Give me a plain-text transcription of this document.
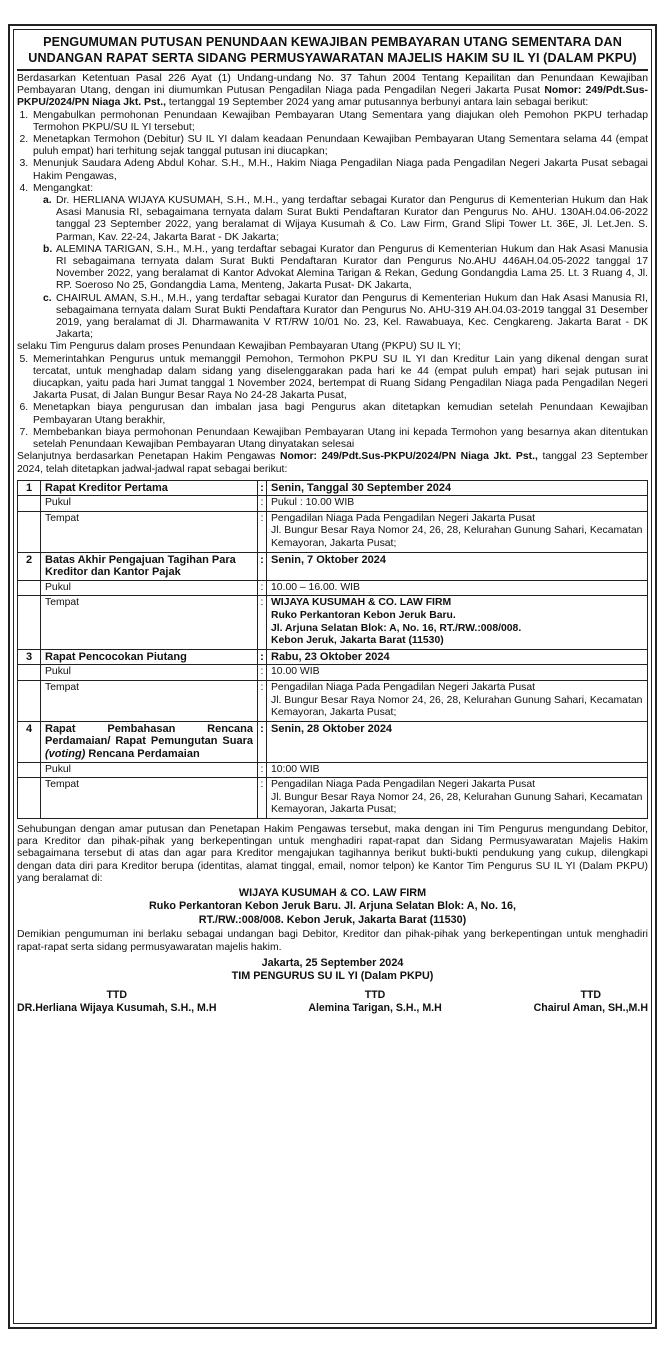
PENGUMUMAN PUTUSAN PENUNDAAN KEWAJIBAN PEMBAYARAN UTANG SEMENTARA DAN
UNDANGAN RAPAT SERTA SIDANG PERMUSYAWARATAN MAJELIS HAKIM SU IL YI (DALAM PKPU)

Berdasarkan Ketentuan Pasal 226 Ayat (1) Undang-undang No. 37 Tahun 2004 Tentang Kepailitan dan Penundaan Kewajiban Pembayaran Utang, dengan ini diumumkan Putusan Pengadilan Niaga pada Pengadilan Negeri Jakarta Pusat Nomor: 249/Pdt.Sus-PKPU/2024/PN Niaga Jkt. Pst., tertanggal 19 September 2024 yang amar putusannya berbunyi antara lain sebagai berikut:

1. Mengabulkan permohonan Penundaan Kewajiban Pembayaran Utang Sementara yang diajukan oleh Pemohon PKPU terhadap Termohon PKPU/SU IL YI tersebut;
2. Menetapkan Termohon (Debitur) SU IL YI dalam keadaan Penundaan Kewajiban Pembayaran Utang Sementara selama 44 (empat puluh empat) hari terhitung sejak tanggal putusan ini diucapkan;
3. Menunjuk Saudara Adeng Abdul Kohar. S.H., M.H., Hakim Niaga Pengadilan Niaga pada Pengadilan Negeri Jakarta Pusat sebagai Hakim Pengawas,
4. Mengangkat:
a. Dr. HERLIANA WIJAYA KUSUMAH, S.H., M.H., yang terdaftar sebagai Kurator dan Pengurus di Kementerian Hukum dan Hak Asasi Manusia RI, sebagaimana ternyata dalam Surat Bukti Pendaftaran Kurator dan Pengurus No. AHU. 130AH.04.06-2022 tanggal 23 September 2022, yang beralamat di Wijaya Kusumah & Co. Law Firm, Grand Slipi Tower Lt. 36E, Jl. Let.Jen. S. Parman, Kav. 22-24, Jakarta Barat - DK Jakarta;
b. ALEMINA TARIGAN, S.H., M.H., yang terdaftar sebagai Kurator dan Pengurus di Kementerian Hukum dan Hak Asasi Manusia RI sebagaimana ternyata dalam Surat Bukti Pendaftaran Kurator dan Pengurus No.AHU 446AH.04.05-2022 tanggal 17 November 2022, yang beralamat di Kantor Advokat Alemina Tarigan & Rekan, Gedung Gondangdia Lama 25. Lt. 3 Ruang 4, Jl. RP. Soeroso No 25, Gondangdia Lama, Menteng, Jakarta Pusat- DK Jakarta,
c. CHAIRUL AMAN, S.H., M.H., yang terdaftar sebagai Kurator dan Pengurus di Kementerian Hukum dan Hak Asasi Manusia RI, sebagaimana ternyata dalam Surat Bukti Pendaftara Kurator dan Pengurus No. AHU-319 AH.04.03-2019 tanggal 31 Desember 2019, yang beralamat di Jl. Dharmawanita V RT/RW 10/01 No. 23, Kel. Rawabuaya, Kec. Cengkareng. Jakarta Barat - DK Jakarta;
selaku Tim Pengurus dalam proses Penundaan Kewajiban Pembayaran Utang (PKPU) SU IL YI;
5. Memerintahkan Pengurus untuk memanggil Pemohon, Termohon PKPU SU IL YI dan Kreditur Lain yang dikenal dengan surat tercatat, untuk menghadap dalam sidang yang diselenggarakan pada hari ke 44 (empat puluh empat) hari sejak putusan ini diucapkan, yaitu pada hari Jumat tanggal 1 November 2024, bertempat di Ruang Sidang Pengadilan Niaga pada Pengadilan Negeri Jakarta Pusat, di Jalan Bungur Besar Raya No 24-28 Jakarta Pusat,
6. Menetapkan biaya pengurusan dan imbalan jasa bagi Pengurus akan ditetapkan kemudian setelah Penundaan Kewajiban Pembayaran Utang berakhir,
7. Membebankan biaya permohonan Penundaan Kewajiban Pembayaran Utang ini kepada Termohon yang besarnya akan ditentukan setelah Penundaan Kewajiban Pembayaran Utang dinyatakan selesai

Selanjutnya berdasarkan Penetapan Hakim Pengawas Nomor: 249/Pdt.Sus-PKPU/2024/PN Niaga Jkt. Pst., tanggal 23 September 2024, telah ditetapkan jadwal-jadwal rapat sebagai berikut:

1	Rapat Kreditor Pertama	:	Senin, Tanggal 30 September 2024
	Pukul	:	Pukul : 10.00 WIB
	Tempat	:	Pengadilan Niaga Pada Pengadilan Negeri Jakarta Pusat
Jl. Bungur Besar Raya Nomor 24, 26, 28, Kelurahan Gunung Sahari, Kecamatan Kemayoran, Jakarta Pusat;
2	Batas Akhir Pengajuan Tagihan Para Kreditor dan Kantor Pajak	:	Senin, 7 Oktober 2024
	Pukul	:	10.00 – 16.00. WIB
	Tempat	:	WIJAYA KUSUMAH & CO. LAW FIRM
Ruko Perkantoran Kebon Jeruk Baru.
Jl. Arjuna Selatan Blok: A, No. 16, RT./RW.:008/008.
Kebon Jeruk, Jakarta Barat (11530)
3	Rapat Pencocokan Piutang	:	Rabu, 23 Oktober 2024
	Pukul	:	10.00 WIB
	Tempat	:	Pengadilan Niaga Pada Pengadilan Negeri Jakarta Pusat
Jl. Bungur Besar Raya Nomor 24, 26, 28, Kelurahan Gunung Sahari, Kecamatan Kemayoran, Jakarta Pusat;
4	Rapat Pembahasan Rencana Perdamaian/ Rapat Pemungutan Suara (voting) Rencana Perdamaian	:	Senin, 28 Oktober 2024
	Pukul	:	10:00 WIB
	Tempat	:	Pengadilan Niaga Pada Pengadilan Negeri Jakarta Pusat
Jl. Bungur Besar Raya Nomor 24, 26, 28, Kelurahan Gunung Sahari, Kecamatan Kemayoran, Jakarta Pusat;

Sehubungan dengan amar putusan dan Penetapan Hakim Pengawas tersebut, maka dengan ini Tim Pengurus mengundang Debitor, para Kreditor dan pihak-pihak yang berkepentingan untuk menghadiri rapat-rapat dan Sidang Permusyawaratan Majelis Hakim sebagaimana tersebut di atas dan agar para Kreditor mengajukan tagihannya berikut bukti-bukti pendukung yang cukup, dilengkapi dengan data diri para Kreditor berupa (identitas, alamat tinggal, email, nomor telpon) ke Kantor Tim Pengurus SU IL YI (Dalam PKPU) yang beralamat di:

WIJAYA KUSUMAH & CO. LAW FIRM
Ruko Perkantoran Kebon Jeruk Baru. Jl. Arjuna Selatan Blok: A, No. 16,
RT./RW.:008/008. Kebon Jeruk, Jakarta Barat (11530)

Demikian pengumuman ini berlaku sebagai undangan bagi Debitor, Kreditor dan pihak-pihak yang berkepentingan untuk menghadiri rapat-rapat serta sidang permusyawaratan majelis hakim.

Jakarta, 25 September 2024
TIM PENGURUS SU IL YI (Dalam PKPU)
TTD
DR.Herliana Wijaya Kusumah, S.H., M.H
TTD
Alemina Tarigan, S.H., M.H
TTD
Chairul Aman, SH.,M.H
